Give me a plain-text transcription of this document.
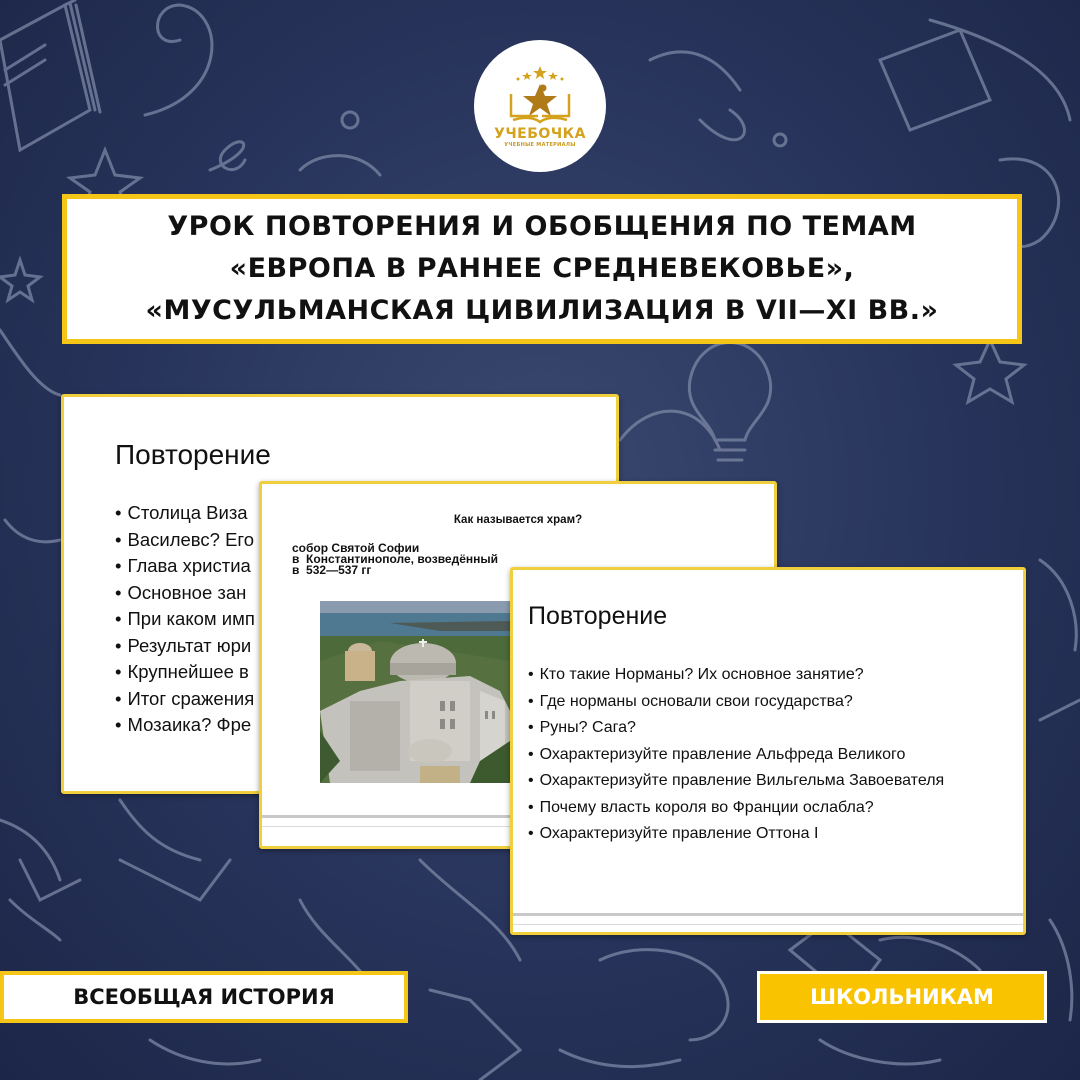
УЧЕБОЧКА
УЧЕБНЫЕ МАТЕРИАЛЫ
УРОК ПОВТОРЕНИЯ И ОБОБЩЕНИЯ ПО ТЕМАМ
«ЕВРОПА В РАННЕЕ СРЕДНЕВЕКОВЬЕ»,
«МУСУЛЬМАНСКАЯ ЦИВИЛИЗАЦИЯ В VII—XI ВВ.»
Повторение
• Столица Визa
• Василевс? Его
• Глава христиа
• Основное зан
• При каком имп
• Результат юри
• Крупнейшее в
• Итог сражения
• Мозаика? Фре
Как называется храм?
собор Святой Софии
в  Константинополе, возведённый
в  532—537 гг
Повторение
• Кто такие Норманы? Их основное занятие?
• Где норманы основали свои государства?
• Руны? Сага?
• Охарактеризуйте правление Альфреда Великого
• Охарактеризуйте правление Вильгельма Завоевателя
• Почему власть короля во Франции ослабла?
• Охарактеризуйте правление Оттона I
ВСЕОБЩАЯ ИСТОРИЯ	ШКОЛЬНИКАМ
